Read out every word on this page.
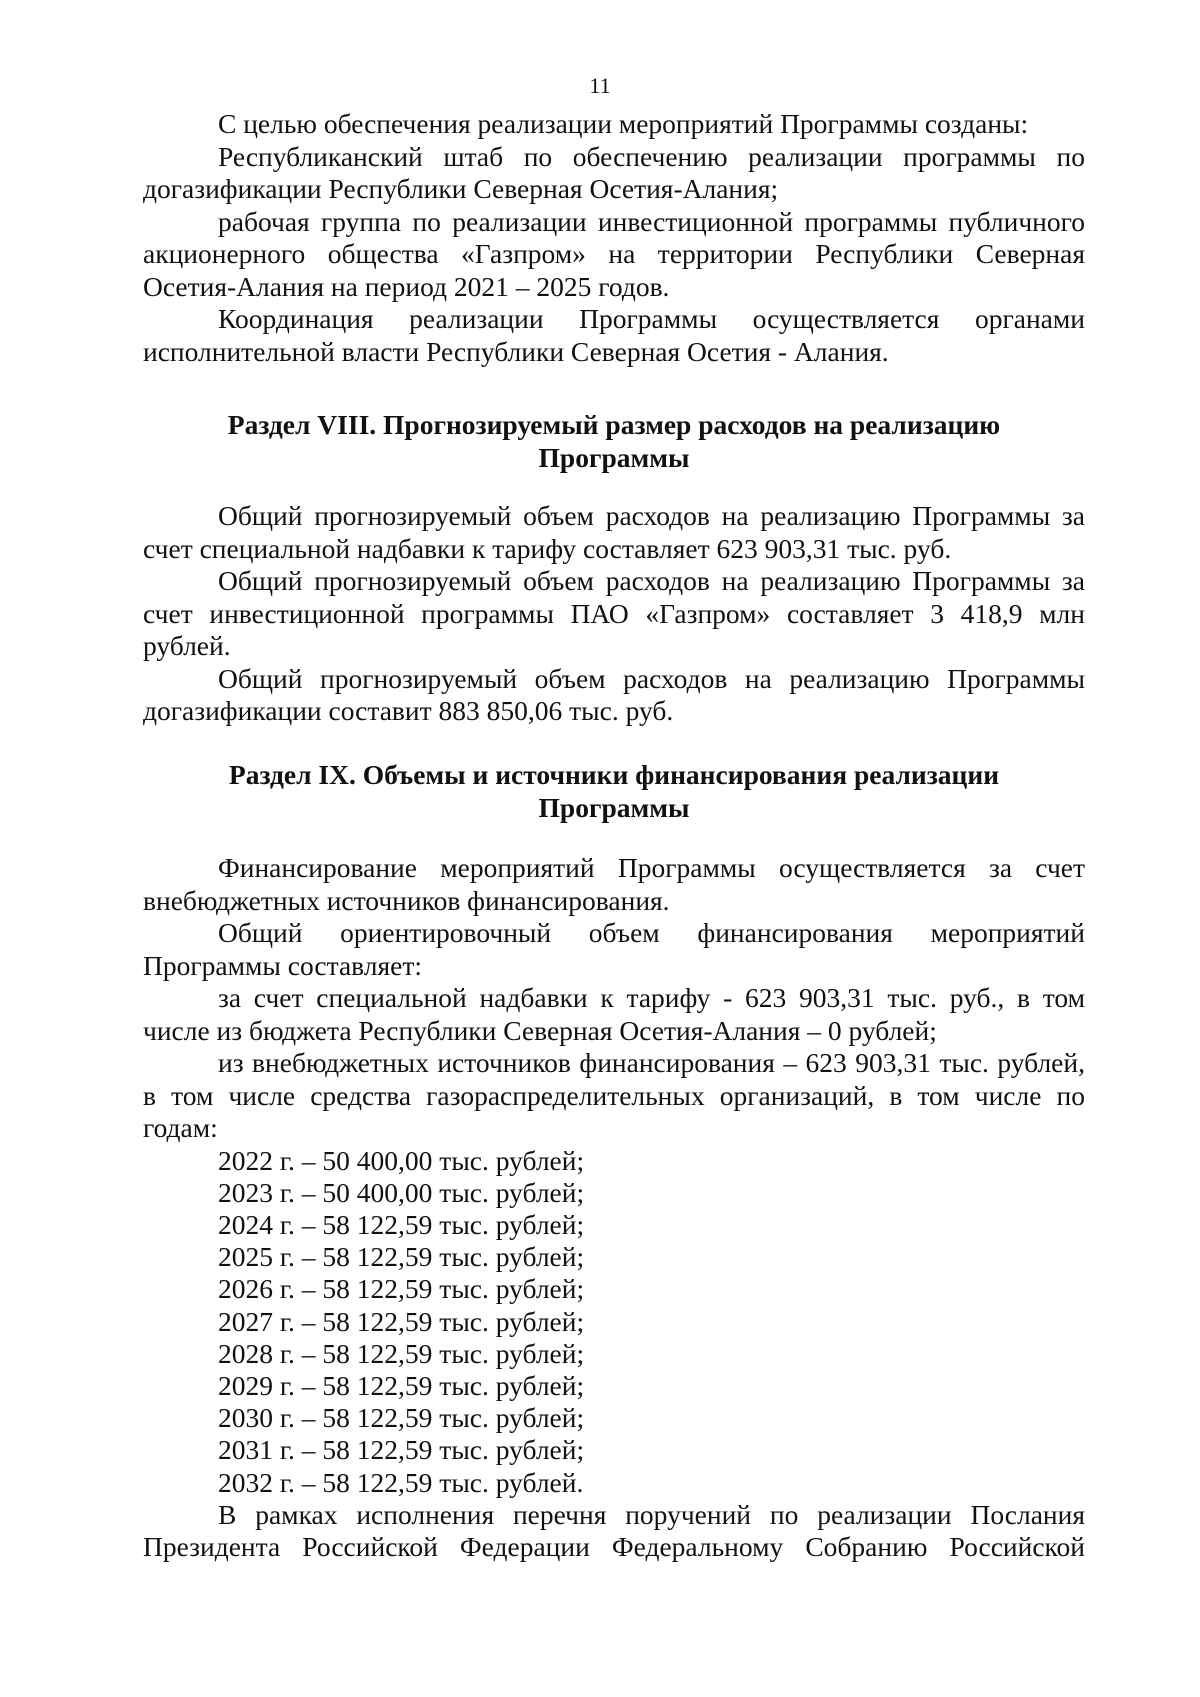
11

С целью обеспечения реализации мероприятий Программы созданы:

Республиканский штаб по обеспечению реализации программы по догазификации Республики Северная Осетия-Алания;

рабочая группа по реализации инвестиционной программы публичного акционерного общества «Газпром» на территории Республики Северная Осетия-Алания на период 2021 – 2025 годов.

Координация реализации Программы осуществляется органами исполнительной власти Республики Северная Осетия - Алания.

Раздел VIII. Прогнозируемый размер расходов на реализацию
Программы

Общий прогнозируемый объем расходов на реализацию Программы за счет специальной надбавки к тарифу составляет 623 903,31 тыс. руб.

Общий прогнозируемый объем расходов на реализацию Программы за счет инвестиционной программы ПАО «Газпром» составляет 3 418,9 млн рублей.

Общий прогнозируемый объем расходов на реализацию Программы догазификации составит 883 850,06 тыс. руб.

Раздел IX. Объемы и источники финансирования реализации
Программы

Финансирование мероприятий Программы осуществляется за счет внебюджетных источников финансирования.

Общий ориентировочный объем финансирования мероприятий Программы составляет:

за счет специальной надбавки к тарифу - 623 903,31 тыс. руб., в том числе из бюджета Республики Северная Осетия-Алания – 0 рублей;

из внебюджетных источников финансирования – 623 903,31 тыс. рублей, в том числе средства газораспределительных организаций, в том числе по годам:

2022 г. – 50 400,00 тыс. рублей;
2023 г. – 50 400,00 тыс. рублей;
2024 г. – 58 122,59 тыс. рублей;
2025 г. – 58 122,59 тыс. рублей;
2026 г. – 58 122,59 тыс. рублей;
2027 г. – 58 122,59 тыс. рублей;
2028 г. – 58 122,59 тыс. рублей;
2029 г. – 58 122,59 тыс. рублей;
2030 г. – 58 122,59 тыс. рублей;
2031 г. – 58 122,59 тыс. рублей;
2032 г. – 58 122,59 тыс. рублей.

В рамках исполнения перечня поручений по реализации Послания Президента Российской Федерации Федеральному Собранию Российской
